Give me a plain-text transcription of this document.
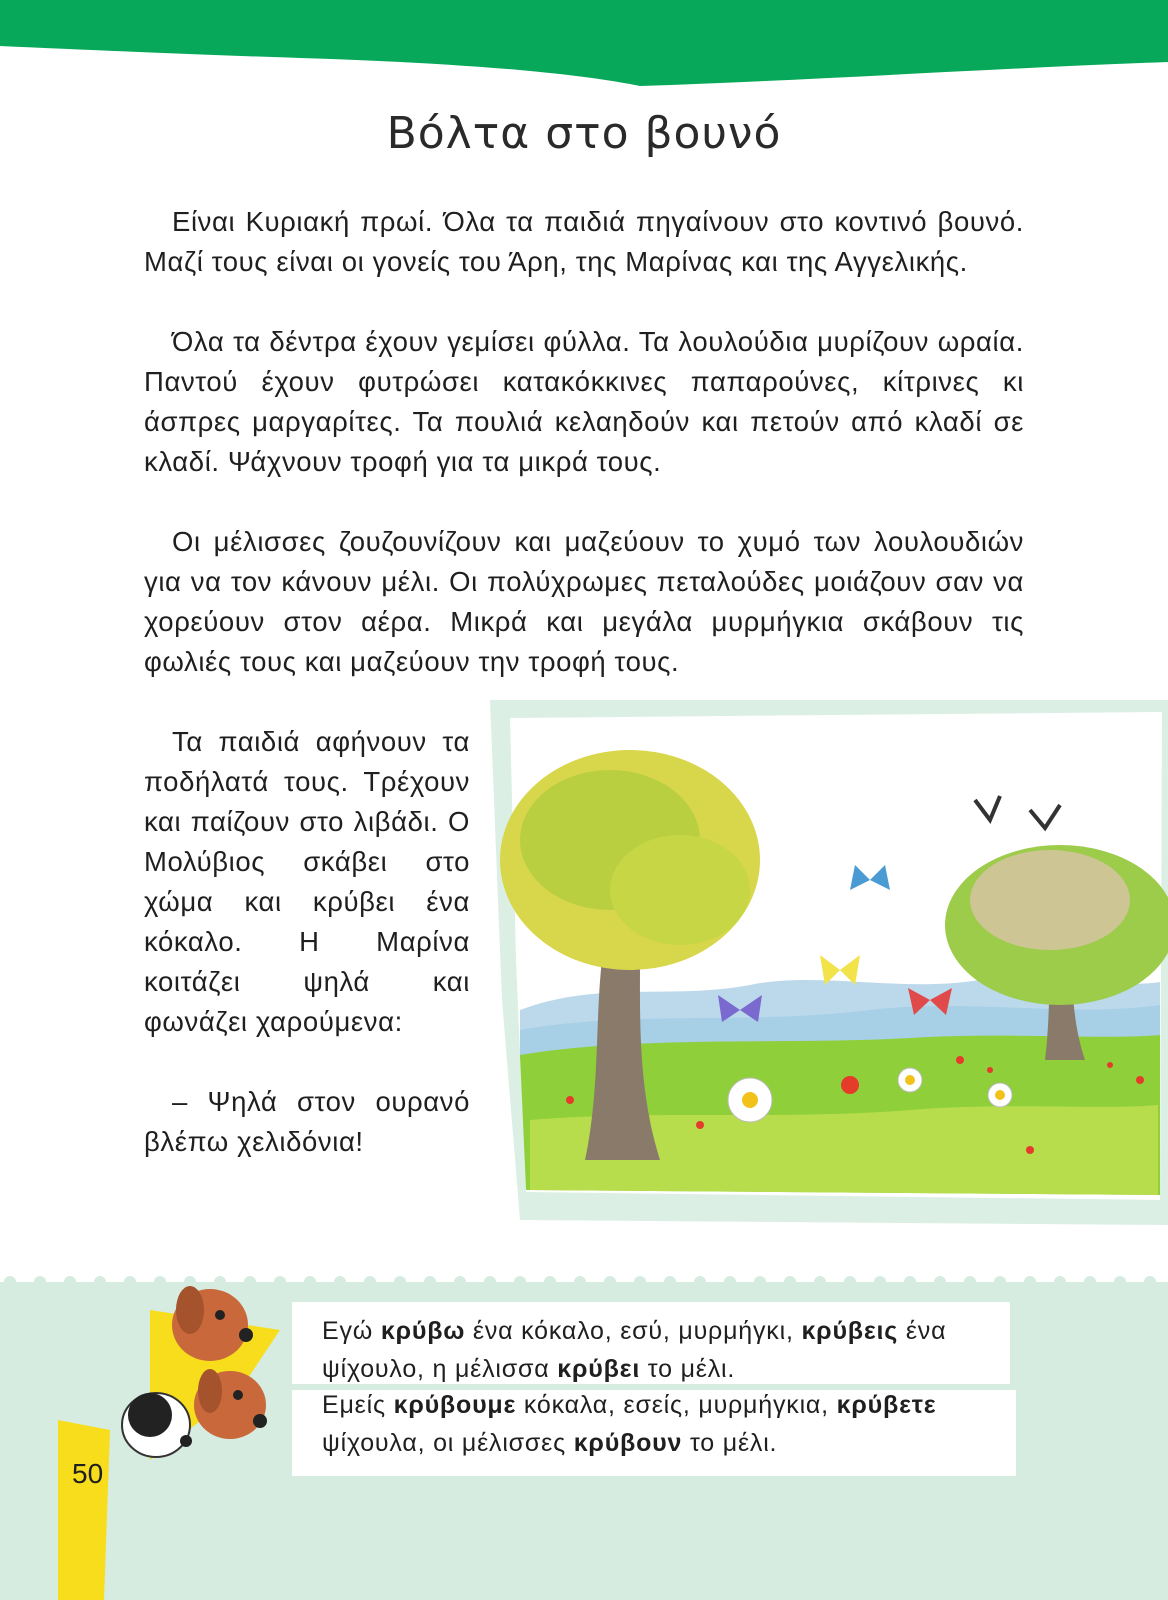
Βόλτα στο βουνό

Είναι Κυριακή πρωί. Όλα τα παιδιά πηγαίνουν στο κοντινό βουνό. Μαζί τους είναι οι γονείς του Άρη, της Μαρίνας και της Αγγελικής.

Όλα τα δέντρα έχουν γεμίσει φύλλα. Τα λουλούδια μυρίζουν ωραία. Παντού έχουν φυτρώσει κατακόκκινες παπαρούνες, κίτρινες κι άσπρες μαργαρίτες. Τα πουλιά κελαηδούν και πετούν από κλαδί σε κλαδί. Ψάχνουν τροφή για τα μικρά τους.

Οι μέλισσες ζουζουνίζουν και μαζεύουν το χυμό των λουλουδιών για να τον κάνουν μέλι. Οι πολύχρωμες πεταλούδες μοιάζουν σαν να χορεύουν στον αέρα. Μικρά και μεγάλα μυρμήγκια σκάβουν τις φωλιές τους και μαζεύουν την τροφή τους.

Τα παιδιά αφήνουν τα ποδήλατά τους. Τρέχουν και παίζουν στο λιβάδι. Ο Μολύβιος σκάβει στο χώμα και κρύβει ένα κόκαλο. Η Μαρίνα κοιτάζει ψηλά και φωνάζει χαρούμενα:

– Ψηλά στον ουρανό βλέπω χελιδόνια!

50
Εγώ κρύβω ένα κόκαλο, εσύ, μυρμήγκι, κρύβεις ένα ψίχουλο, η μέλισσα κρύβει το μέλι.
Εμείς κρύβουμε κόκαλα, εσείς, μυρμήγκια, κρύβετε ψίχουλα, οι μέλισσες κρύβουν το μέλι.
